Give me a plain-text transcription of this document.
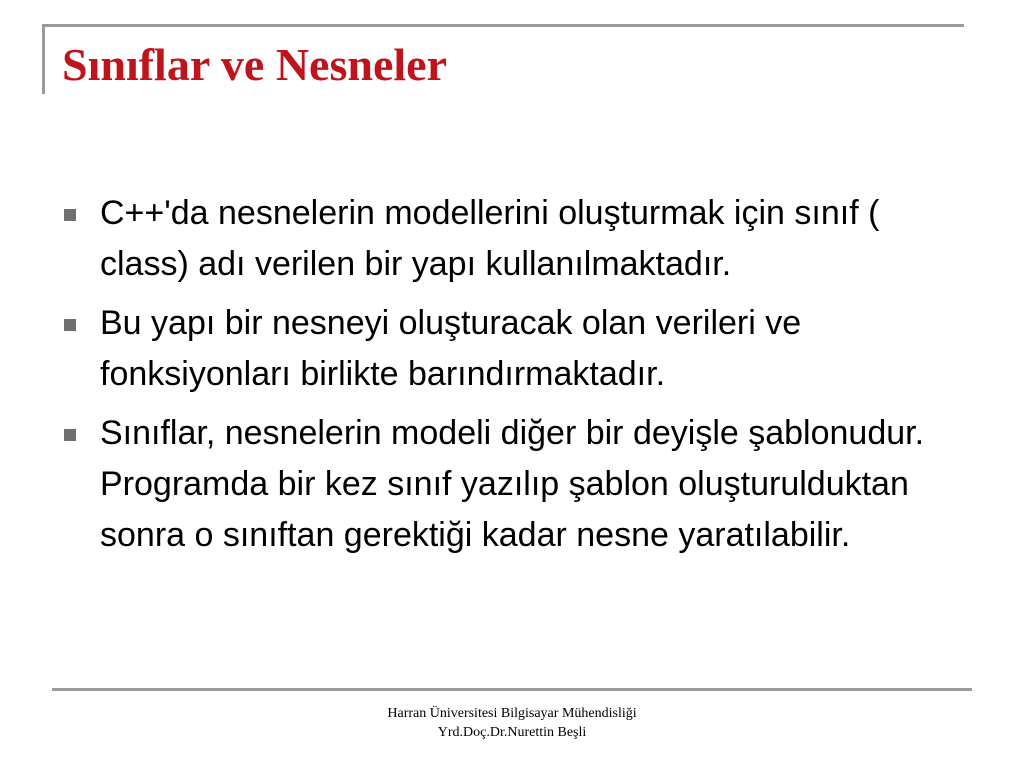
Sınıflar ve Nesneler
C++'da nesnelerin modellerini oluşturmak için sınıf ( class) adı verilen bir yapı kullanılmaktadır.
Bu yapı bir nesneyi oluşturacak olan verileri ve fonksiyonları birlikte barındırmaktadır.
Sınıflar, nesnelerin modeli diğer bir deyişle şablonudur. Programda bir kez sınıf yazılıp şablon oluşturulduktan sonra o sınıftan gerektiği kadar nesne yaratılabilir.
Harran Üniversitesi Bilgisayar Mühendisliği
Yrd.Doç.Dr.Nurettin Beşli
